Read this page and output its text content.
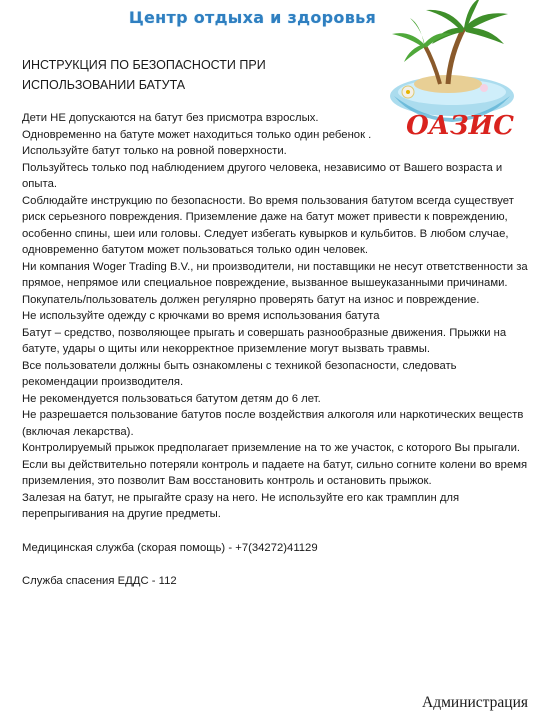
Центр отдыха и здоровья
ИНСТРУКЦИЯ ПО БЕЗОПАСНОСТИ ПРИ
ИСПОЛЬЗОВАНИИ БАТУТА
ОАЗИС

Дети НЕ допускаются на батут без присмотра взрослых.

Одновременно на батуте может находиться только один ребенок .

Используйте батут только на ровной поверхности.

Пользуйтесь только под наблюдением другого человека, независимо от Вашего возраста и опыта.

Соблюдайте инструкцию по безопасности. Во время пользования батутом всегда существует риск серьезного повреждения. Приземление даже на батут может привести к повреждению, особенно спины, шеи или головы. Следует избегать кувырков и кульбитов. В любом случае, одновременно батутом может пользоваться только один человек.

Ни компания Woger Trading B.V., ни производители, ни поставщики не несут ответственности за прямое, непрямое или специальное повреждение, вызванное вышеуказанными причинами.

Покупатель/пользователь должен регулярно проверять батут на износ и повреждение.

Не используйте одежду с крючками во время использования батута

Батут – средство, позволяющее прыгать и совершать разнообразные движения. Прыжки на батуте, удары о щиты или некорректное приземление могут вызвать травмы.

Все пользователи должны быть ознакомлены с техникой безопасности, следовать рекомендации производителя.

Не рекомендуется пользоваться батутом детям до 6 лет.

Не разрешается пользование батутов после воздействия алкоголя или наркотических веществ (включая лекарства).

Контролируемый прыжок предполагает приземление на то же участок, с которого Вы прыгали. Если вы действительно потеряли контроль и падаете на батут, сильно согните колени во время приземления, это позволит Вам восстановить контроль и остановить прыжок.

Залезая на батут, не прыгайте сразу на него. Не используйте его как трамплин для перепрыгивания на другие предметы.

Медицинская служба (скорая помощь) - +7(34272)41129

Служба спасения ЕДДС - 112

Администрация
